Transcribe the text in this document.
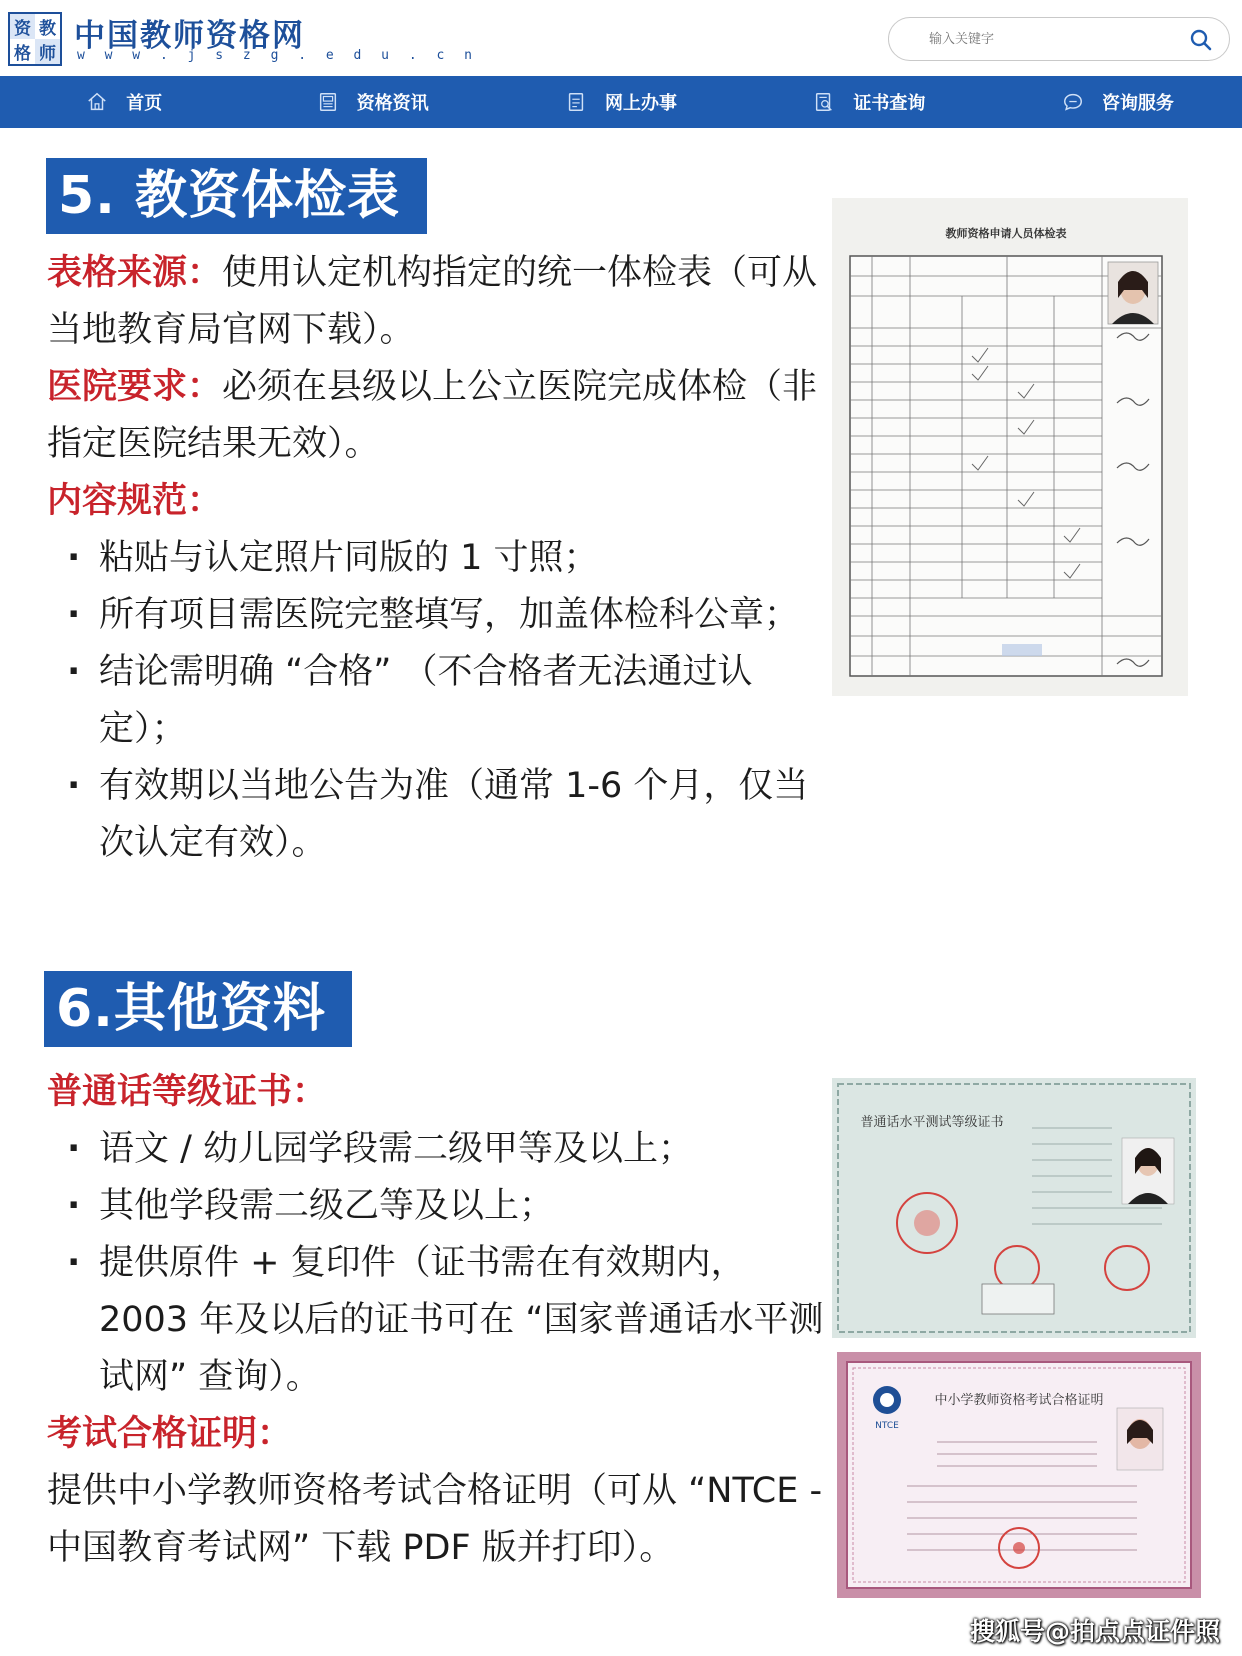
资 教
格 师 中国教师资格网
w w w . j s z g . e d u . c n
输入关键字
首页	资格资讯	网上办事	证书查询	咨询服务
5. 教资体检表
表格来源：使用认定机构指定的统一体检表（可从当地教育局官网下载）。
医院要求：必须在县级以上公立医院完成体检（非指定医院结果无效）。
内容规范：
· 粘贴与认定照片同版的 1 寸照；
· 所有项目需医院完整填写，加盖体检科公章；
· 结论需明确 “合格” （不合格者无法通过认定）；
· 有效期以当地公告为准（通常 1-6 个月，仅当次认定有效）。
教师资格申请人员体检表
6.其他资料
普通话等级证书：
· 语文 / 幼儿园学段需二级甲等及以上；
· 其他学段需二级乙等及以上；
· 提供原件 + 复印件（证书需在有效期内，2003 年及以后的证书可在 “国家普通话水平测试网” 查询）。
考试合格证明：
提供中小学教师资格考试合格证明（可从 “NTCE - 中国教育考试网” 下载 PDF 版并打印）。
普通话水平测试等级证书
NTCE
中小学教师资格考试合格证明
搜狐号@拍点点证件照
